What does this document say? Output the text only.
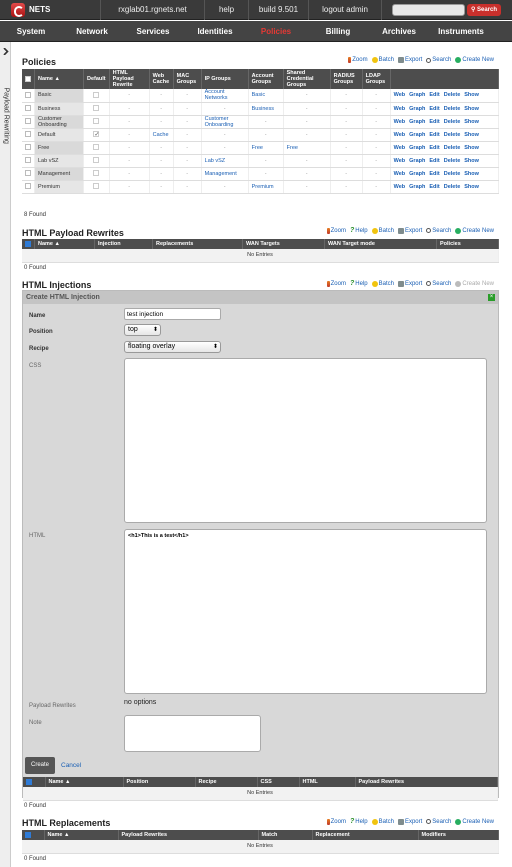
NETS	rxglab01.rgnets.net	help	build 9.501	logout admin	⚲ Search
System	Network	Services	Identities	Policies	Billing	Archives	Instruments
Payload Rewriting
Policies	Zoom Batch Export Search Create New
	Name ▲	Default	HTML Payload Rewrite	Web Cache	MAC Groups	IP Groups	Account Groups	Shared Credential Groups	RADIUS Groups	LDAP Groups	
	Basic		-	-	-	Account Networks	Basic	-	-	-	Web Graph Edit Delete Show
	Business		-	-	-	-	Business	-	-	-	Web Graph Edit Delete Show
	Customer Onboarding		-	-	-	Customer Onboarding	-	-	-	-	Web Graph Edit Delete Show
	Default	✓	-	Cache	-	-	-	-	-	-	Web Graph Edit Delete Show
	Free		-	-	-	-	Free	Free	-	-	Web Graph Edit Delete Show
	Lab vSZ		-	-	-	Lab vSZ	-	-	-	-	Web Graph Edit Delete Show
	Management		-	-	-	Management	-	-	-	-	Web Graph Edit Delete Show
	Premium		-	-	-	-	Premium	-	-	-	Web Graph Edit Delete Show
8 Found
HTML Payload Rewrites	Zoom ? Help Batch Export Search Create New
	Name ▲	Injection	Replacements	WAN Targets	WAN Target mode	Policies
No Entries
0 Found
HTML Injections	Zoom ? Help Batch Export Search Create New
Create HTML Injection	×
Name
test injection
Position	top ⬍
Recipe	floating overlay ⬍
CSS
HTML	<h1>This is a test</h1>
Payload Rewrites	no options
Note
Create	Cancel
	Name ▲	Position	Recipe	CSS	HTML	Payload Rewrites
No Entries
0 Found
HTML Replacements	Zoom ? Help Batch Export Search Create New
	Name ▲	Payload Rewrites	Match	Replacement	Modifiers
No Entries
0 Found
